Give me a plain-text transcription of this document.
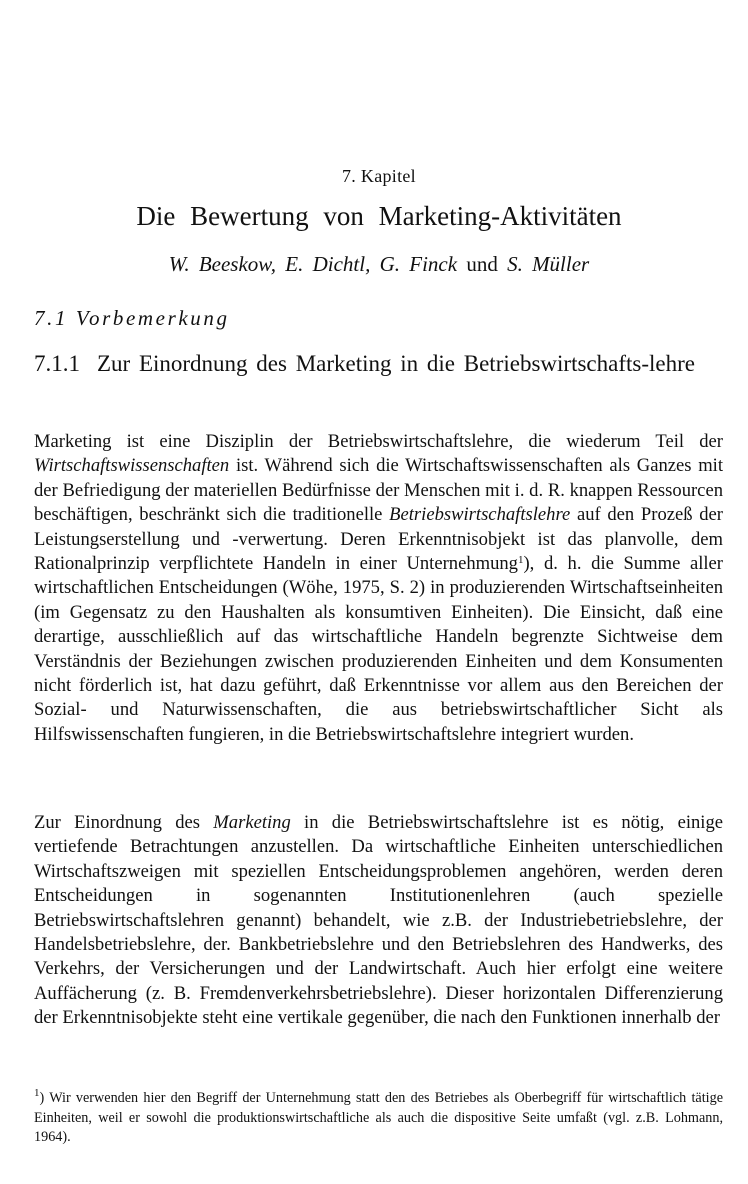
7. Kapitel
Die Bewertung von Marketing-Aktivitäten
W. Beeskow, E. Dichtl, G. Finck und S. Müller
7.1 Vorbemerkung
7.1.1 Zur Einordnung des Marketing in die Betriebswirtschafts-lehre
Marketing ist eine Disziplin der Betriebswirtschaftslehre, die wiederum Teil der Wirtschaftswissenschaften ist. Während sich die Wirtschaftswissenschaften als Ganzes mit der Befriedigung der materiellen Bedürfnisse der Menschen mit i. d. R. knappen Ressourcen beschäftigen, beschränkt sich die traditionelle Betriebswirtschaftslehre auf den Prozeß der Leistungserstellung und -verwertung. Deren Erkenntnisobjekt ist das planvolle, dem Rationalprinzip verpflichtete Handeln in einer Unternehmung$^1$), d. h. die Summe aller wirtschaftlichen Entscheidungen (Wöhe, 1975, S. 2) in produzierenden Wirtschaftseinheiten (im Gegensatz zu den Haushalten als konsumtiven Einheiten). Die Einsicht, daß eine derartige, ausschließlich auf das wirtschaftliche Handeln begrenzte Sichtweise dem Verständnis der Beziehungen zwischen produzierenden Einheiten und dem Konsumenten nicht förderlich ist, hat dazu geführt, daß Erkenntnisse vor allem aus den Bereichen der Sozial- und Naturwissenschaften, die aus betriebswirtschaftlicher Sicht als Hilfswissenschaften fungieren, in die Betriebswirtschaftslehre integriert wurden.
Zur Einordnung des Marketing in die Betriebswirtschaftslehre ist es nötig, einige vertiefende Betrachtungen anzustellen. Da wirtschaftliche Einheiten unterschiedlichen Wirtschaftszweigen mit speziellen Entscheidungsproblemen angehören, werden deren Entscheidungen in sogenannten Institutionenlehren (auch spezielle Betriebswirtschaftslehren genannt) behandelt, wie z.B. der Industriebetriebslehre, der Handelsbetriebslehre, der. Bankbetriebslehre und den Betriebslehren des Handwerks, des Verkehrs, der Versicherungen und der Landwirtschaft. Auch hier erfolgt eine weitere Auffächerung (z. B. Fremdenverkehrsbetriebslehre). Dieser horizontalen Differenzierung der Erkenntnisobjekte steht eine vertikale gegenüber, die nach den Funktionen innerhalb der
$^1$) Wir verwenden hier den Begriff der Unternehmung statt den des Betriebes als Oberbegriff für wirtschaftlich tätige Einheiten, weil er sowohl die produktionswirtschaftliche als auch die dispositive Seite umfaßt (vgl. z.B. Lohmann, 1964).
